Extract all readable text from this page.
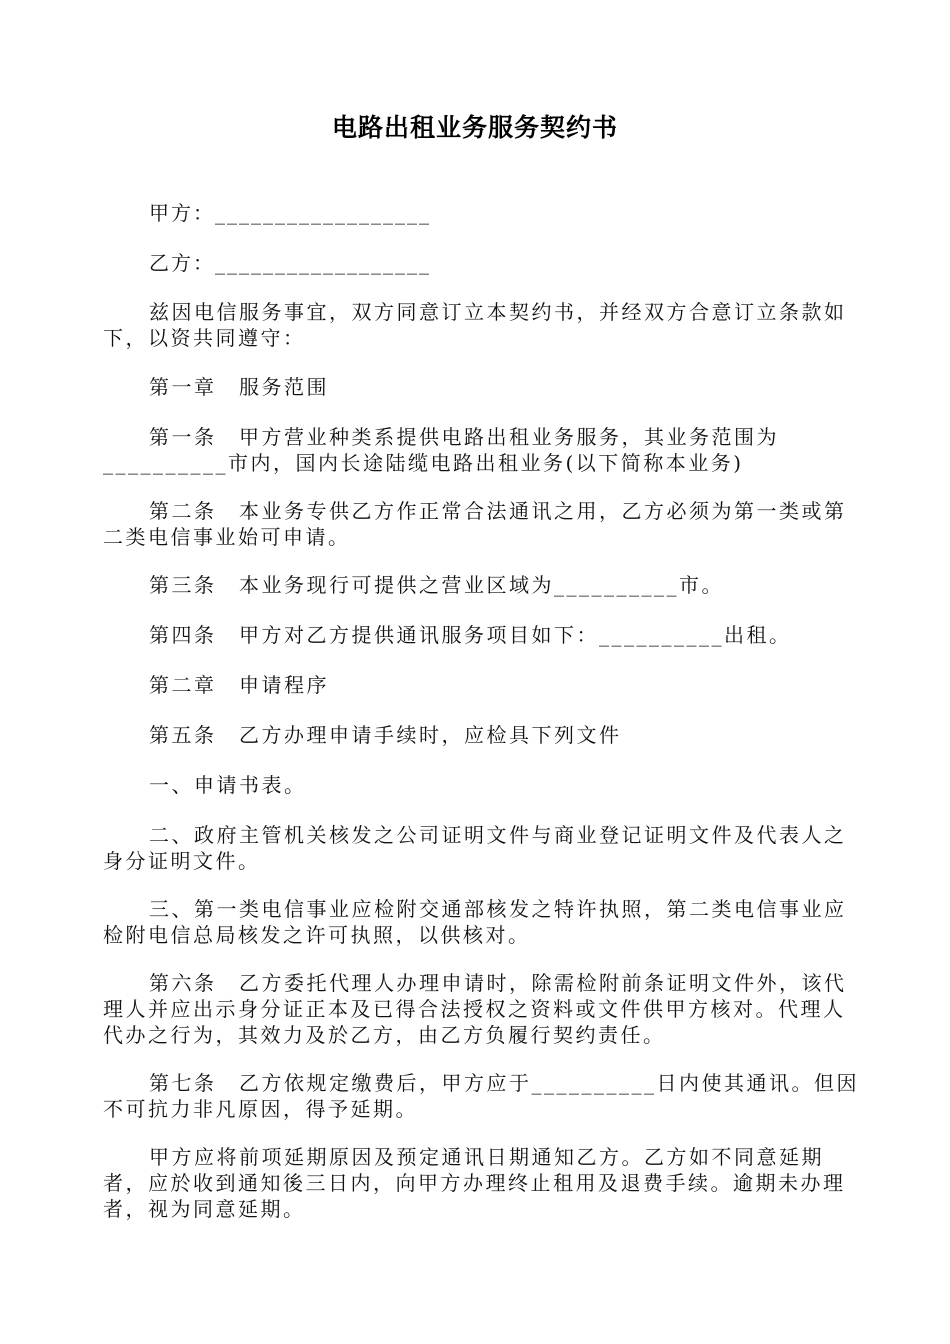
电路出租业务服务契约书

甲方：__________________

乙方：__________________

兹因电信服务事宜，双方同意订立本契约书，并经双方合意订立条款如下，以资共同遵守：

第一章　服务范围

第一条　甲方营业种类系提供电路出租业务服务，其业务范围为__________市内，国内长途陆缆电路出租业务(以下简称本业务)

第二条　本业务专供乙方作正常合法通讯之用，乙方必须为第一类或第二类电信事业始可申请。

第三条　本业务现行可提供之营业区域为__________市。

第四条　甲方对乙方提供通讯服务项目如下：__________出租。

第二章　申请程序

第五条　乙方办理申请手续时，应检具下列文件

一、申请书表。

二、政府主管机关核发之公司证明文件与商业登记证明文件及代表人之身分证明文件。

三、第一类电信事业应检附交通部核发之特许执照，第二类电信事业应检附电信总局核发之许可执照，以供核对。

第六条　乙方委托代理人办理申请时，除需检附前条证明文件外，该代理人并应出示身分证正本及已得合法授权之资料或文件供甲方核对。代理人代办之行为，其效力及於乙方，由乙方负履行契约责任。

第七条　乙方依规定缴费后，甲方应于__________日内使其通讯。但因不可抗力非凡原因，得予延期。

甲方应将前项延期原因及预定通讯日期通知乙方。乙方如不同意延期者，应於收到通知後三日内，向甲方办理终止租用及退费手续。逾期未办理者，视为同意延期。
